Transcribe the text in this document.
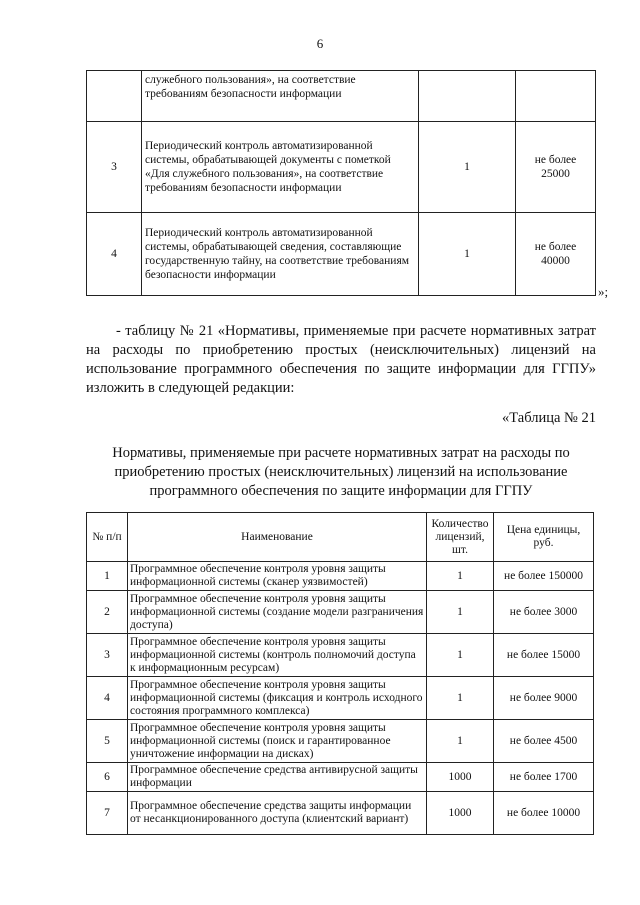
6
	служебного пользования», на соответствие требованиям безопасности информации		
3	Периодический контроль автоматизированной системы, обрабатывающей документы с пометкой «Для служебного пользования», на соответствие требованиям безопасности информации	1	не более 25000
4	Периодический контроль автоматизированной системы, обрабатывающей сведения, составляющие государственную тайну, на соответствие требованиям безопасности информации	1	не более 40000
»;
- таблицу № 21 «Нормативы, применяемые при расчете нормативных затрат на расходы по приобретению простых (неисключительных) лицензий на использование программного обеспечения по защите информации для ГГПУ» изложить в следующей редакции:
«Таблица № 21
Нормативы, применяемые при расчете нормативных затрат на расходы по приобретению простых (неисключительных) лицензий на использование программного обеспечения по защите информации для ГГПУ
№ п/п	Наименование	Количество лицензий, шт.	Цена единицы, руб.
1	Программное обеспечение контроля уровня защиты информационной системы (сканер уязвимостей)	1	не более 150000
2	Программное обеспечение контроля уровня защиты информационной системы (создание модели разграничения доступа)	1	не более 3000
3	Программное обеспечение контроля уровня защиты информационной системы (контроль полномочий доступа к информационным ресурсам)	1	не более 15000
4	Программное обеспечение контроля уровня защиты информационной системы (фиксация и контроль исходного состояния программного комплекса)	1	не более 9000
5	Программное обеспечение контроля уровня защиты информационной системы (поиск и гарантированное уничтожение информации на дисках)	1	не более 4500
6	Программное обеспечение средства антивирусной защиты информации	1000	не более 1700
7	Программное обеспечение средства защиты информации от несанкционированного доступа (клиентский вариант)	1000	не более 10000
